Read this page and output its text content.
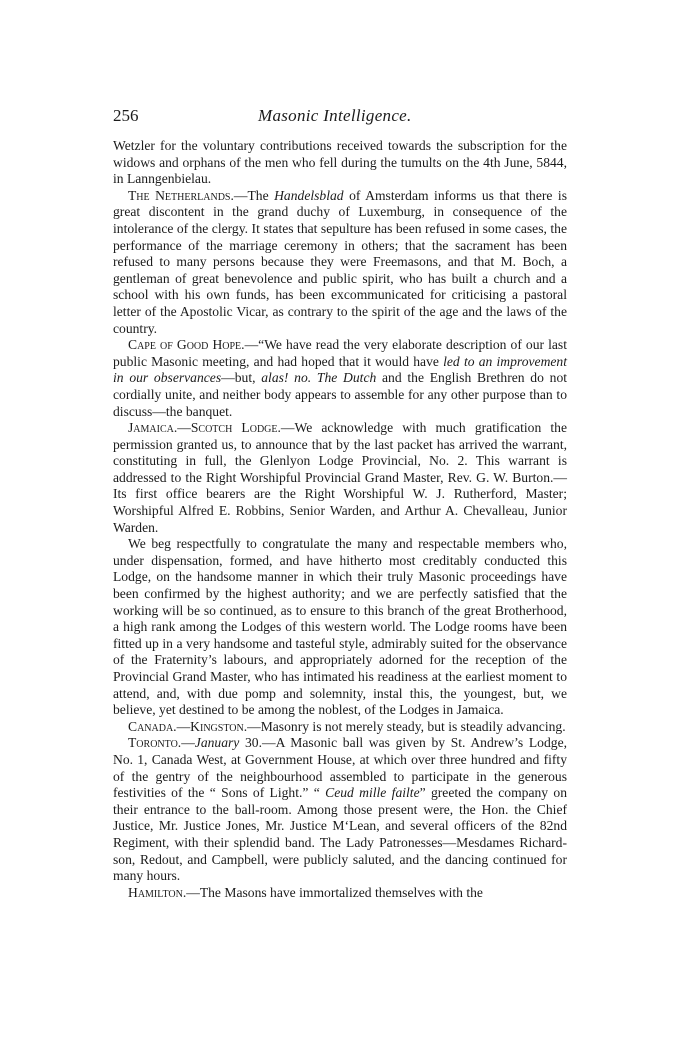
256	Masonic Intelligence.

Wetzler for the voluntary contributions received towards the subscription for the widows and orphans of the men who fell during the tumults on the 4th June, 5844, in Lanngenbielau.

The Netherlands.—The Handelsblad of Amsterdam informs us that there is great discontent in the grand duchy of Luxemburg, in consequence of the intolerance of the clergy. It states that sepulture has been refused in some cases, the performance of the marriage ceremony in others; that the sacrament has been refused to many persons because they were Freemasons, and that M. Boch, a gentleman of great benevolence and public spirit, who has built a church and a school with his own funds, has been excommunicated for criticising a pastoral letter of the Apostolic Vicar, as contrary to the spirit of the age and the laws of the country.

Cape of Good Hope.—“We have read the very elaborate description of our last public Masonic meeting, and had hoped that it would have led to an improvement in our observances—but, alas! no. The Dutch and the English Brethren do not cordially unite, and neither body appears to assemble for any other purpose than to discuss—the banquet.

Jamaica.—Scotch Lodge.—We acknowledge with much gratification the permission granted us, to announce that by the last packet has arrived the warrant, constituting in full, the Glenlyon Lodge Provincial, No. 2. This warrant is addressed to the Right Worshipful Provincial Grand Master, Rev. G. W. Burton.—Its first office bearers are the Right Worshipful W. J. Rutherford, Master; Worshipful Alfred E. Robbins, Senior Warden, and Arthur A. Chevalleau, Junior Warden.

We beg respectfully to congratulate the many and respectable members who, under dispensation, formed, and have hitherto most creditably conducted this Lodge, on the handsome manner in which their truly Masonic proceedings have been confirmed by the highest authority; and we are perfectly satisfied that the working will be so continued, as to ensure to this branch of the great Brotherhood, a high rank among the Lodges of this western world. The Lodge rooms have been fitted up in a very handsome and tasteful style, admirably suited for the observance of the Fraternity’s labours, and appropriately adorned for the reception of the Provincial Grand Master, who has intimated his readiness at the earliest moment to attend, and, with due pomp and solemnity, instal this, the youngest, but, we believe, yet destined to be among the noblest, of the Lodges in Jamaica.

Canada.—Kingston.—Masonry is not merely steady, but is steadily advancing.

Toronto.—January 30.—A Masonic ball was given by St. Andrew’s Lodge, No. 1, Canada West, at Government House, at which over three hundred and fifty of the gentry of the neighbourhood assembled to participate in the generous festivities of the “ Sons of Light.” “ Ceud mille failte” greeted the company on their entrance to the ball-room. Among those present were, the Hon. the Chief Justice, Mr. Justice Jones, Mr. Justice M‘Lean, and several officers of the 82nd Regiment, with their splendid band. The Lady Patronesses—Mesdames Richardson, Redout, and Campbell, were publicly saluted, and the dancing continued for many hours.

Hamilton.—The Masons have immortalized themselves with the
